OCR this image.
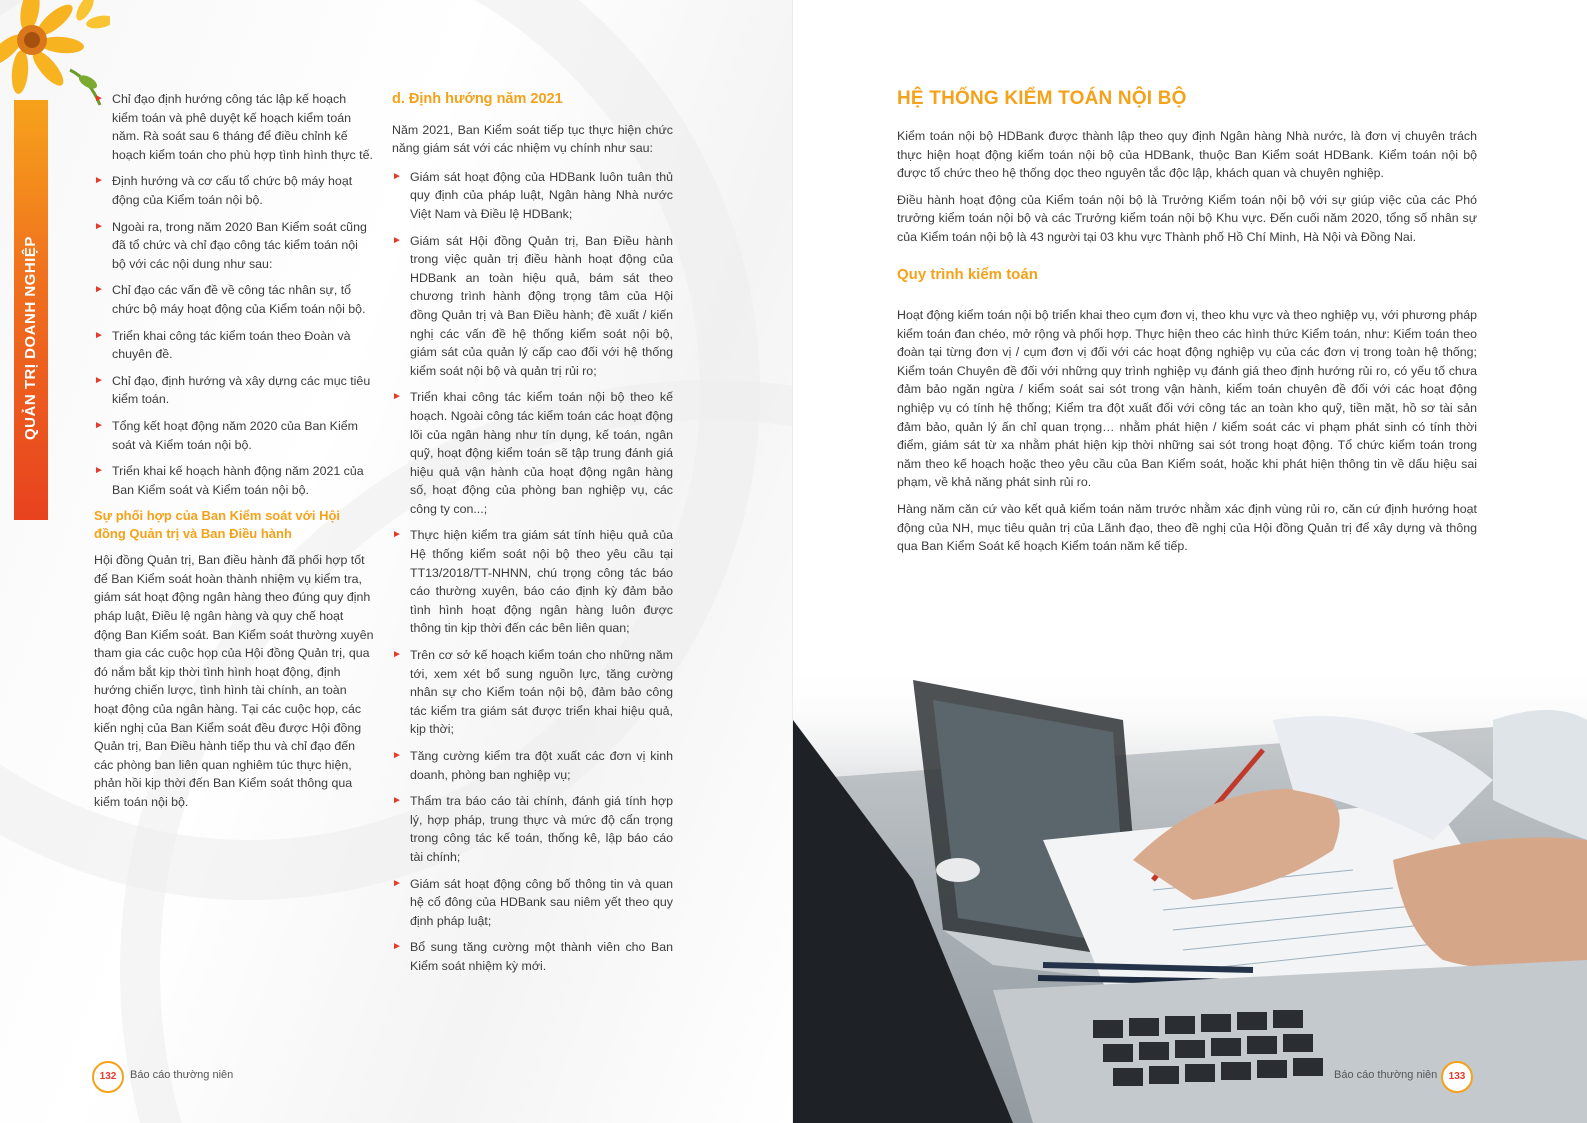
QUẢN TRỊ DOANH NGHIỆP
► Chỉ đạo định hướng công tác lập kế hoạch kiểm toán và phê duyệt kế hoạch kiểm toán năm. Rà soát sau 6 tháng để điều chỉnh kế hoạch kiểm toán cho phù hợp tình hình thực tế.
► Định hướng và cơ cấu tổ chức bộ máy hoạt động của Kiểm toán nội bộ.
► Ngoài ra, trong năm 2020 Ban Kiểm soát cũng đã tổ chức và chỉ đạo công tác kiểm toán nội bộ với các nội dung như sau:
► Chỉ đạo các vấn đề về công tác nhân sự, tổ chức bộ máy hoạt động của Kiểm toán nội bộ.
► Triển khai công tác kiểm toán theo Đoàn và chuyên đề.
► Chỉ đạo, định hướng và xây dựng các mục tiêu kiểm toán.
► Tổng kết hoạt động năm 2020 của Ban Kiểm soát và Kiểm toán nội bộ.
► Triển khai kế hoạch hành động năm 2021 của Ban Kiểm soát và Kiểm toán nội bộ.
Sự phối hợp của Ban Kiểm soát với Hội đồng Quản trị và Ban Điều hành

Hội đồng Quản trị, Ban điều hành đã phối hợp tốt để Ban Kiểm soát hoàn thành nhiệm vụ kiểm tra, giám sát hoạt động ngân hàng theo đúng quy định pháp luật, Điều lệ ngân hàng và quy chế hoạt động Ban Kiểm soát. Ban Kiểm soát thường xuyên tham gia các cuộc họp của Hội đồng Quản trị, qua đó nắm bắt kịp thời tình hình hoạt động, định hướng chiến lược, tình hình tài chính, an toàn hoạt động của ngân hàng. Tại các cuộc họp, các kiến nghị của Ban Kiểm soát đều được Hội đồng Quản trị, Ban Điều hành tiếp thu và chỉ đạo đến các phòng ban liên quan nghiêm túc thực hiện, phản hồi kịp thời đến Ban Kiểm soát thông qua kiểm toán nội bộ.

d. Định hướng năm 2021

Năm 2021, Ban Kiểm soát tiếp tục thực hiện chức năng giám sát với các nhiệm vụ chính như sau:

► Giám sát hoạt động của HDBank luôn tuân thủ quy định của pháp luật, Ngân hàng Nhà nước Việt Nam và Điều lệ HDBank;
► Giám sát Hội đồng Quản trị, Ban Điều hành trong việc quản trị điều hành hoạt động của HDBank an toàn hiệu quả, bám sát theo chương trình hành động trọng tâm của Hội đồng Quản trị và Ban Điều hành; đề xuất / kiến nghị các vấn đề hệ thống kiểm soát nội bộ, giám sát của quản lý cấp cao đối với hệ thống kiểm soát nội bộ và quản trị rủi ro;
► Triển khai công tác kiểm toán nội bộ theo kế hoạch. Ngoài công tác kiểm toán các hoạt động lõi của ngân hàng như tín dụng, kế toán, ngân quỹ, hoạt động kiểm toán sẽ tập trung đánh giá hiệu quả vận hành của hoạt động ngân hàng số, hoạt động của phòng ban nghiệp vụ, các công ty con...;
► Thực hiện kiểm tra giám sát tính hiệu quả của Hệ thống kiểm soát nội bộ theo yêu cầu tại TT13/2018/TT-NHNN, chú trọng công tác báo cáo thường xuyên, báo cáo định kỳ đảm bảo tình hình hoạt động ngân hàng luôn được thông tin kịp thời đến các bên liên quan;
► Trên cơ sở kế hoạch kiểm toán cho những năm tới, xem xét bổ sung nguồn lực, tăng cường nhân sự cho Kiểm toán nội bộ, đảm bảo công tác kiểm tra giám sát được triển khai hiệu quả, kịp thời;
► Tăng cường kiểm tra đột xuất các đơn vị kinh doanh, phòng ban nghiệp vụ;
► Thẩm tra báo cáo tài chính, đánh giá tính hợp lý, hợp pháp, trung thực và mức độ cẩn trọng trong công tác kế toán, thống kê, lập báo cáo tài chính;
► Giám sát hoạt động công bố thông tin và quan hệ cổ đông của HDBank sau niêm yết theo quy định pháp luật;
► Bổ sung tăng cường một thành viên cho Ban Kiểm soát nhiệm kỳ mới.
132	Báo cáo thường niên
HỆ THỐNG KIỂM TOÁN NỘI BỘ

Kiểm toán nội bộ HDBank được thành lập theo quy định Ngân hàng Nhà nước, là đơn vị chuyên trách thực hiện hoạt động kiểm toán nội bộ của HDBank, thuộc Ban Kiểm soát HDBank. Kiểm toán nội bộ được tổ chức theo hệ thống dọc theo nguyên tắc độc lập, khách quan và chuyên nghiệp.

Điều hành hoạt động của Kiểm toán nội bộ là Trưởng Kiểm toán nội bộ với sự giúp việc của các Phó trưởng kiểm toán nội bộ và các Trưởng kiểm toán nội bộ Khu vực. Đến cuối năm 2020, tổng số nhân sự của Kiểm toán nội bộ là 43 người tại 03 khu vực Thành phố Hồ Chí Minh, Hà Nội và Đồng Nai.

Quy trình kiểm toán

Hoạt động kiểm toán nội bộ triển khai theo cụm đơn vị, theo khu vực và theo nghiệp vụ, với phương pháp kiểm toán đan chéo, mở rộng và phối hợp. Thực hiện theo các hình thức Kiểm toán, như: Kiểm toán theo đoàn tại từng đơn vị / cụm đơn vị đối với các hoạt động nghiệp vụ của các đơn vị trong toàn hệ thống; Kiểm toán Chuyên đề đối với những quy trình nghiệp vụ đánh giá theo định hướng rủi ro, có yếu tố chưa đảm bảo ngăn ngừa / kiểm soát sai sót trong vận hành, kiểm toán chuyên đề đối với các hoạt động nghiệp vụ có tính hệ thống; Kiểm tra đột xuất đối với công tác an toàn kho quỹ, tiền mặt, hồ sơ tài sản đảm bảo, quản lý ấn chỉ quan trọng… nhằm phát hiện / kiểm soát các vi phạm phát sinh có tính thời điểm, giám sát từ xa nhằm phát hiện kịp thời những sai sót trong hoạt động. Tổ chức kiểm toán trong năm theo kế hoạch hoặc theo yêu cầu của Ban Kiểm soát, hoặc khi phát hiện thông tin về dấu hiệu sai phạm, về khả năng phát sinh rủi ro.

Hàng năm căn cứ vào kết quả kiểm toán năm trước nhằm xác định vùng rủi ro, căn cứ định hướng hoạt động của NH, mục tiêu quản trị của Lãnh đạo, theo đề nghị của Hội đồng Quản trị để xây dựng và thông qua Ban Kiểm Soát kế hoạch Kiểm toán năm kế tiếp.

Báo cáo thường niên	133
